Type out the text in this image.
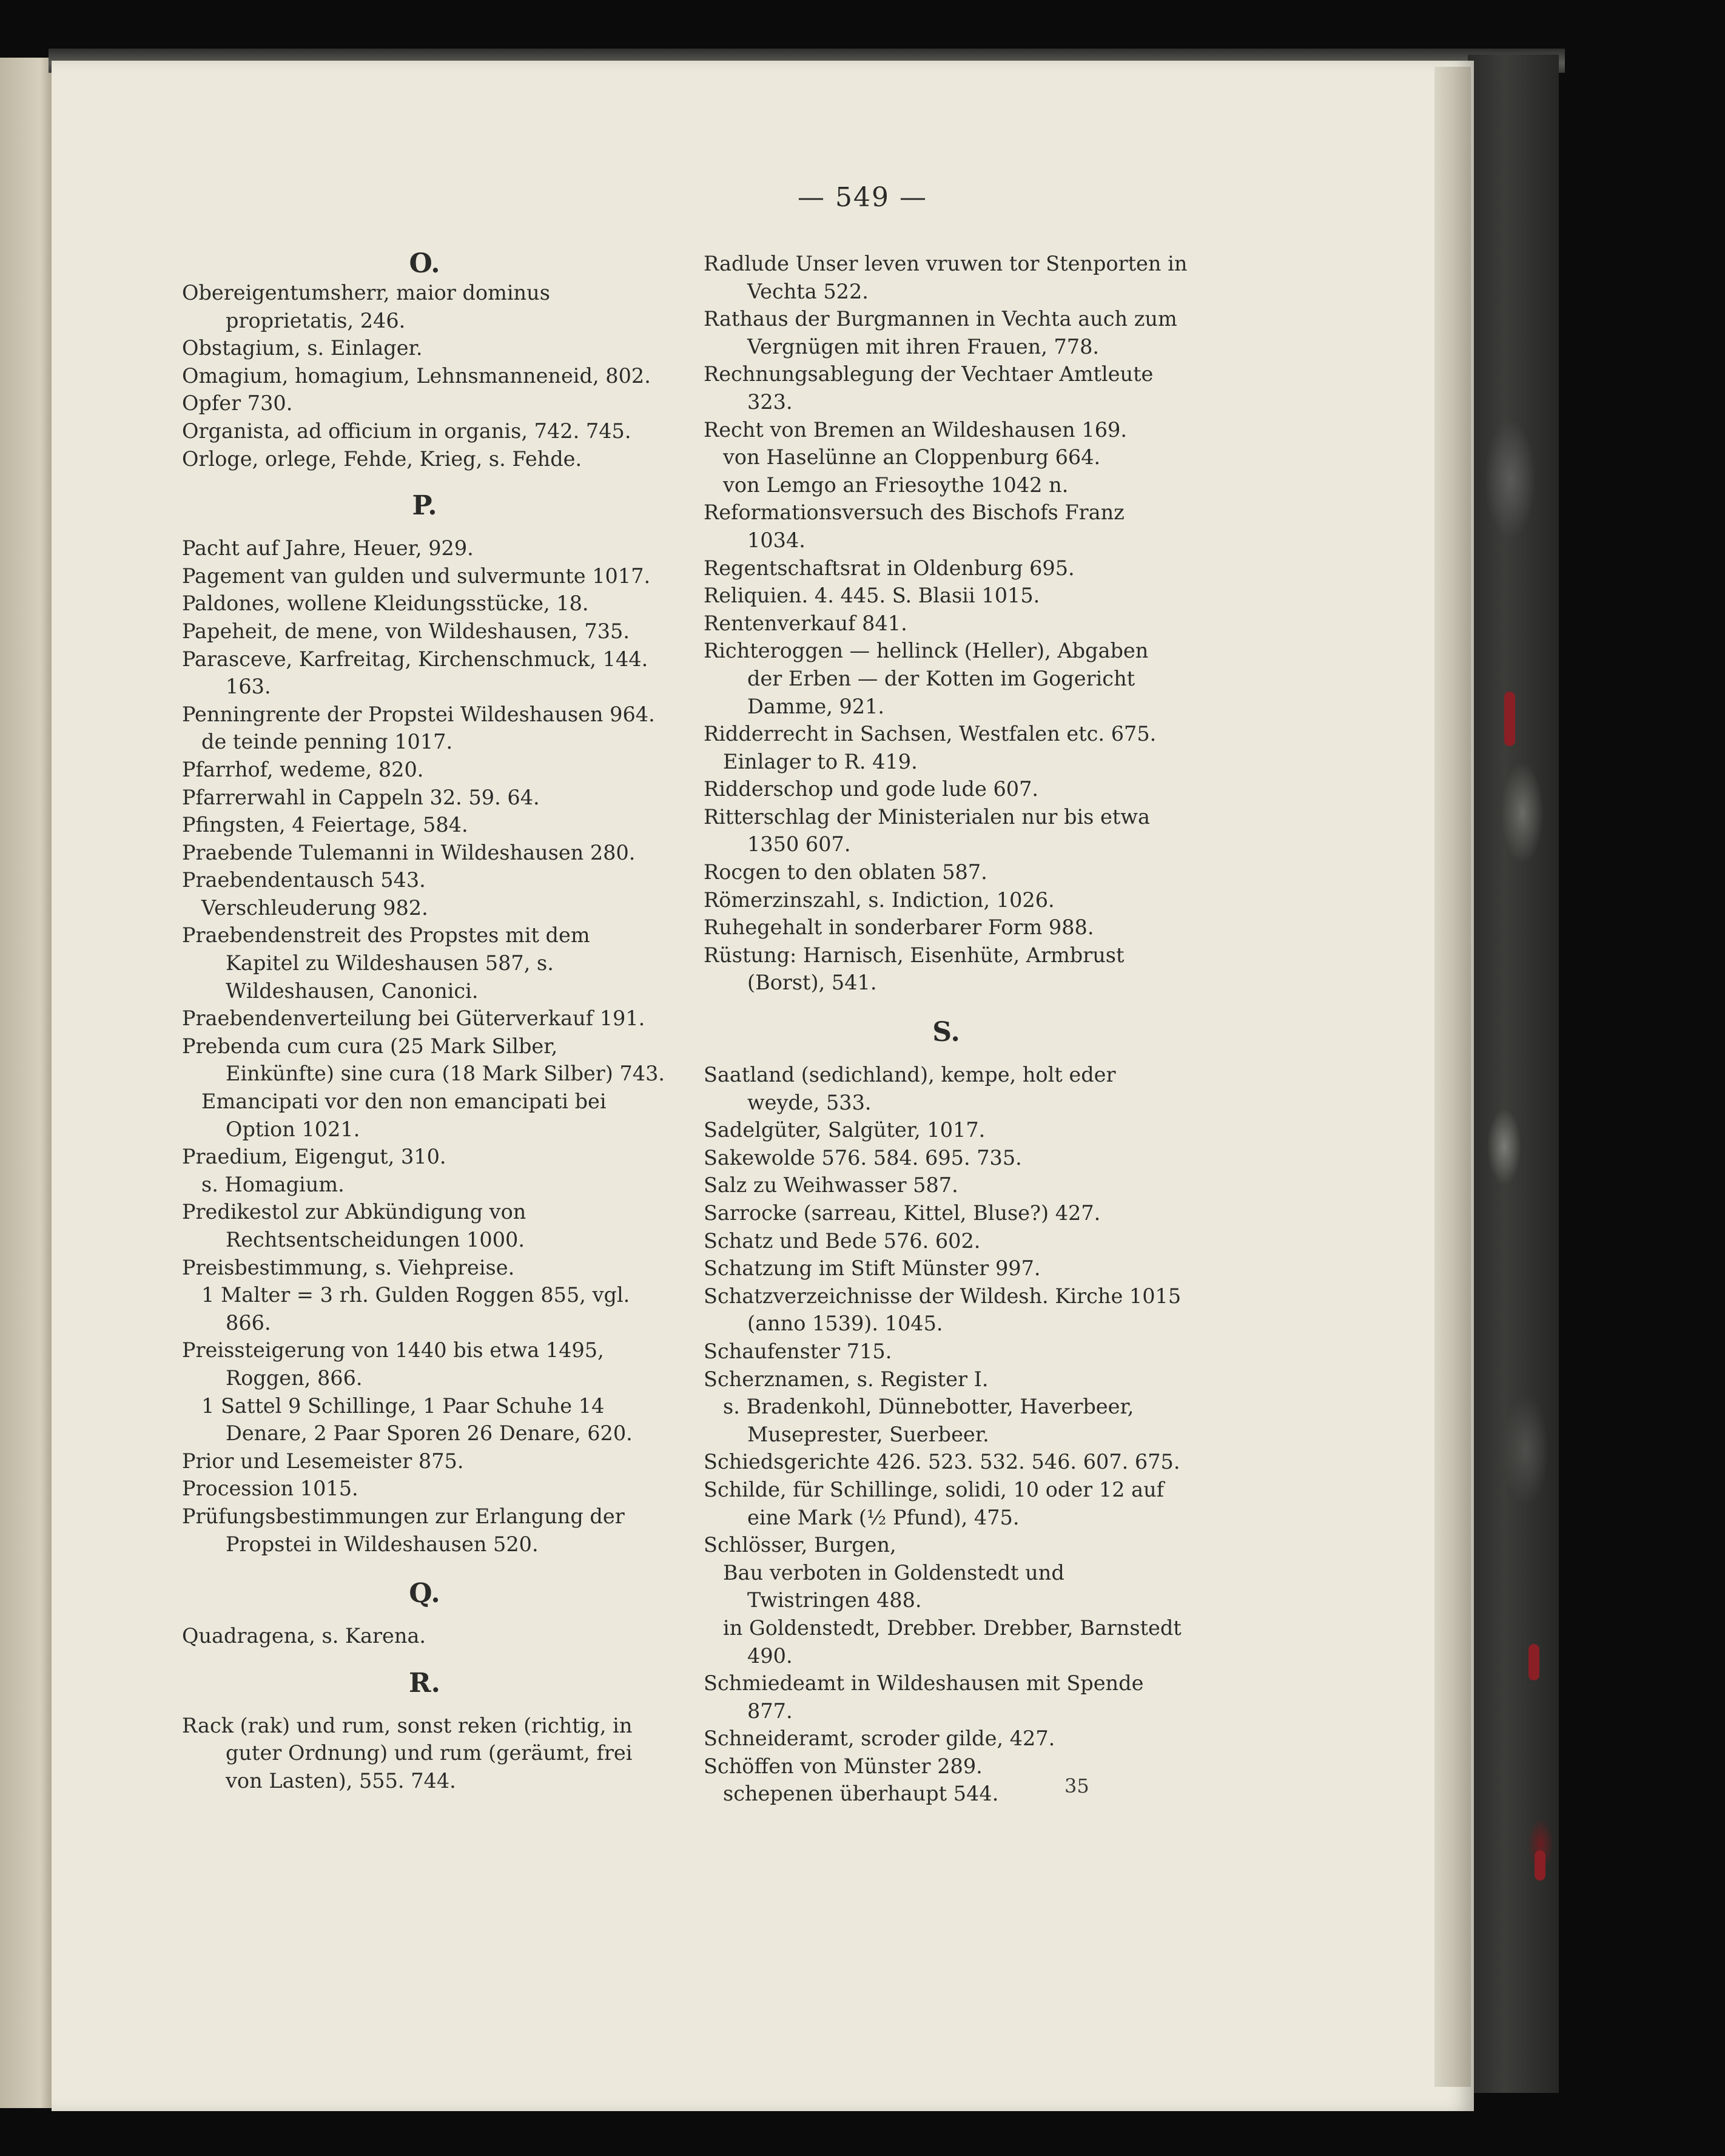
— 549 —
O.
Obereigentumsherr, maior dominus proprietatis, 246.
Obstagium, s. Einlager.
Omagium, homagium, Lehnsmanneneid, 802.
Opfer 730.
Organista, ad officium in organis, 742. 745.
Orloge, orlege, Fehde, Krieg, s. Fehde.
P.
Pacht auf Jahre, Heuer, 929.
Pagement van gulden und sulvermunte 1017.
Paldones, wollene Kleidungsstücke, 18.
Papeheit, de mene, von Wildeshausen, 735.
Parasceve, Karfreitag, Kirchenschmuck, 144. 163.
Penningrente der Propstei Wildeshausen 964.
de teinde penning 1017.
Pfarrhof, wedeme, 820.
Pfarrerwahl in Cappeln 32. 59. 64.
Pfingsten, 4 Feiertage, 584.
Praebende Tulemanni in Wildeshausen 280.
Praebendentausch 543.
Verschleuderung 982.
Praebendenstreit des Propstes mit dem Kapitel zu Wildeshausen 587, s. Wildeshausen, Canonici.
Praebendenverteilung bei Güterverkauf 191.
Prebenda cum cura (25 Mark Silber, Einkünfte) sine cura (18 Mark Silber) 743.
Emancipati vor den non emancipati bei Option 1021.
Praedium, Eigengut, 310.
s. Homagium.
Predikestol zur Abkündigung von Rechtsentscheidungen 1000.
Preisbestimmung, s. Viehpreise.
1 Malter = 3 rh. Gulden Roggen 855, vgl. 866.
Preissteigerung von 1440 bis etwa 1495, Roggen, 866.
1 Sattel 9 Schillinge, 1 Paar Schuhe 14 Denare, 2 Paar Sporen 26 Denare, 620.
Prior und Lesemeister 875.
Procession 1015.
Prüfungsbestimmungen zur Erlangung der Propstei in Wildeshausen 520.
Q.
Quadragena, s. Karena.
R.
Rack (rak) und rum, sonst reken (richtig, in guter Ordnung) und rum (geräumt, frei von Lasten), 555. 744.
Radlude Unser leven vruwen tor Stenporten in Vechta 522.
Rathaus der Burgmannen in Vechta auch zum Vergnügen mit ihren Frauen, 778.
Rechnungsablegung der Vechtaer Amtleute 323.
Recht von Bremen an Wildeshausen 169.
von Haselünne an Cloppenburg 664.
von Lemgo an Friesoythe 1042 n.
Reformationsversuch des Bischofs Franz 1034.
Regentschaftsrat in Oldenburg 695.
Reliquien. 4. 445. S. Blasii 1015.
Rentenverkauf 841.
Richteroggen — hellinck (Heller), Abgaben der Erben — der Kotten im Gogericht Damme, 921.
Ridderrecht in Sachsen, Westfalen etc. 675.
Einlager to R. 419.
Ridderschop und gode lude 607.
Ritterschlag der Ministerialen nur bis etwa 1350 607.
Rocgen to den oblaten 587.
Römerzinszahl, s. Indiction, 1026.
Ruhegehalt in sonderbarer Form 988.
Rüstung: Harnisch, Eisenhüte, Armbrust (Borst), 541.
S.
Saatland (sedichland), kempe, holt eder weyde, 533.
Sadelgüter, Salgüter, 1017.
Sakewolde 576. 584. 695. 735.
Salz zu Weihwasser 587.
Sarrocke (sarreau, Kittel, Bluse?) 427.
Schatz und Bede 576. 602.
Schatzung im Stift Münster 997.
Schatzverzeichnisse der Wildesh. Kirche 1015 (anno 1539). 1045.
Schaufenster 715.
Scherznamen, s. Register I.
s. Bradenkohl, Dünnebotter, Haverbeer, Museprester, Suerbeer.
Schiedsgerichte 426. 523. 532. 546. 607. 675.
Schilde, für Schillinge, solidi, 10 oder 12 auf eine Mark (½ Pfund), 475.
Schlösser, Burgen,
Bau verboten in Goldenstedt und Twistringen 488.
in Goldenstedt, Drebber. Drebber, Barnstedt 490.
Schmiedeamt in Wildeshausen mit Spende 877.
Schneideramt, scroder gilde, 427.
Schöffen von Münster 289.
schepenen überhaupt 544.	35
